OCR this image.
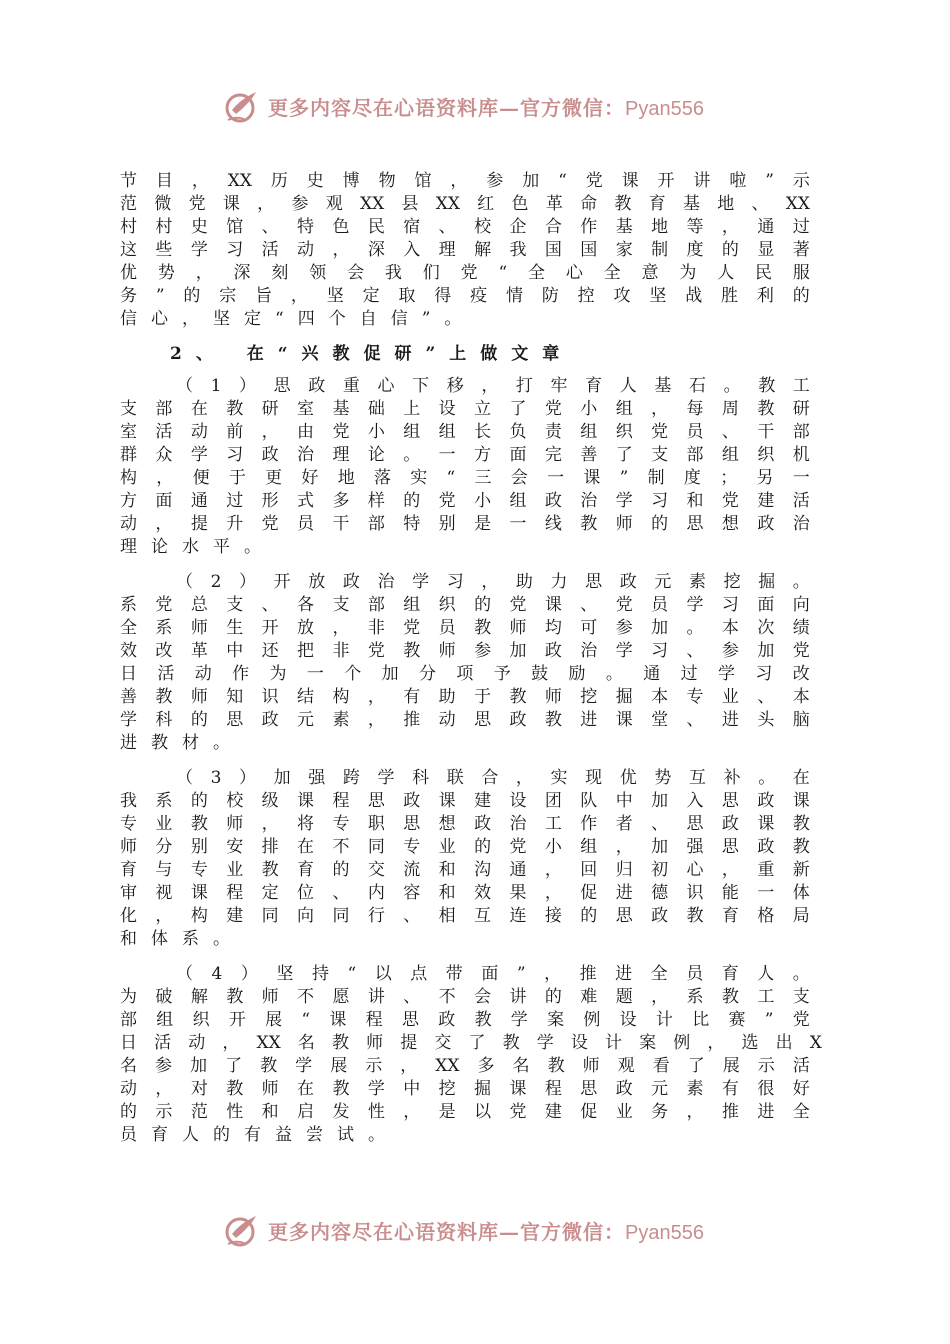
更多内容尽在心语资料库—官方微信：Pyan556
节 目 ， XX 历 史 博 物 馆 ， 参 加 “ 党 课 开 讲 啦 ” 示
范 微 党 课 ， 参 观 XX 县 XX 红 色 革 命 教 育 基 地 、 XX
村 村 史 馆 、 特 色 民 宿 、 校 企 合 作 基 地 等 ， 通 过
这 些 学 习 活 动 ， 深 入 理 解 我 国 国 家 制 度 的 显 著
优 势 ， 深 刻 领 会 我 们 党 “ 全 心 全 意 为 人 民 服
务 ” 的 宗 旨 ， 坚 定 取 得 疫 情 防 控 攻 坚 战 胜 利 的
信 心 ， 坚 定 “ 四 个 自 信 ” 。
2、 在“兴教促研”上做文章
（ 1 ） 思 政 重 心 下 移 ， 打 牢 育 人 基 石 。 教 工
支 部 在 教 研 室 基 础 上 设 立 了 党 小 组 ， 每 周 教 研
室 活 动 前 ， 由 党 小 组 组 长 负 责 组 织 党 员 、 干 部
群 众 学 习 政 治 理 论 。 一 方 面 完 善 了 支 部 组 织 机
构 ， 便 于 更 好 地 落 实 “ 三 会 一 课 ” 制 度 ； 另 一
方 面 通 过 形 式 多 样 的 党 小 组 政 治 学 习 和 党 建 活
动 ， 提 升 党 员 干 部 特 别 是 一 线 教 师 的 思 想 政 治
理 论 水 平 。
（ 2 ） 开 放 政 治 学 习 ， 助 力 思 政 元 素 挖 掘 。
系 党 总 支 、 各 支 部 组 织 的 党 课 、 党 员 学 习 面 向
全 系 师 生 开 放 ， 非 党 员 教 师 均 可 参 加 。 本 次 绩
效 改 革 中 还 把 非 党 教 师 参 加 政 治 学 习 、 参 加 党
日 活 动 作 为 一 个 加 分 项 予 鼓 励 。 通 过 学 习 改
善 教 师 知 识 结 构 ， 有 助 于 教 师 挖 掘 本 专 业 、 本
学 科 的 思 政 元 素 ， 推 动 思 政 教 进 课 堂 、 进 头 脑
进 教 材 。
（ 3 ） 加 强 跨 学 科 联 合 ， 实 现 优 势 互 补 。 在
我 系 的 校 级 课 程 思 政 课 建 设 团 队 中 加 入 思 政 课
专 业 教 师 ， 将 专 职 思 想 政 治 工 作 者 、 思 政 课 教
师 分 别 安 排 在 不 同 专 业 的 党 小 组 ， 加 强 思 政 教
育 与 专 业 教 育 的 交 流 和 沟 通 ， 回 归 初 心 ， 重 新
审 视 课 程 定 位 、 内 容 和 效 果 ， 促 进 德 识 能 一 体
化 ， 构 建 同 向 同 行 、 相 互 连 接 的 思 政 教 育 格 局
和 体 系 。
（ 4 ） 坚 持 “ 以 点 带 面 ” ， 推 进 全 员 育 人 。
为 破 解 教 师 不 愿 讲 、 不 会 讲 的 难 题 ， 系 教 工 支
部 组 织 开 展 “ 课 程 思 政 教 学 案 例 设 计 比 赛 ” 党
日 活 动 ， XX 名 教 师 提 交 了 教 学 设 计 案 例 ， 选 出 X
名 参 加 了 教 学 展 示 ， XX 多 名 教 师 观 看 了 展 示 活
动 ， 对 教 师 在 教 学 中 挖 掘 课 程 思 政 元 素 有 很 好
的 示 范 性 和 启 发 性 ， 是 以 党 建 促 业 务 ， 推 进 全
员 育 人 的 有 益 尝 试 。
更多内容尽在心语资料库—官方微信：Pyan556
